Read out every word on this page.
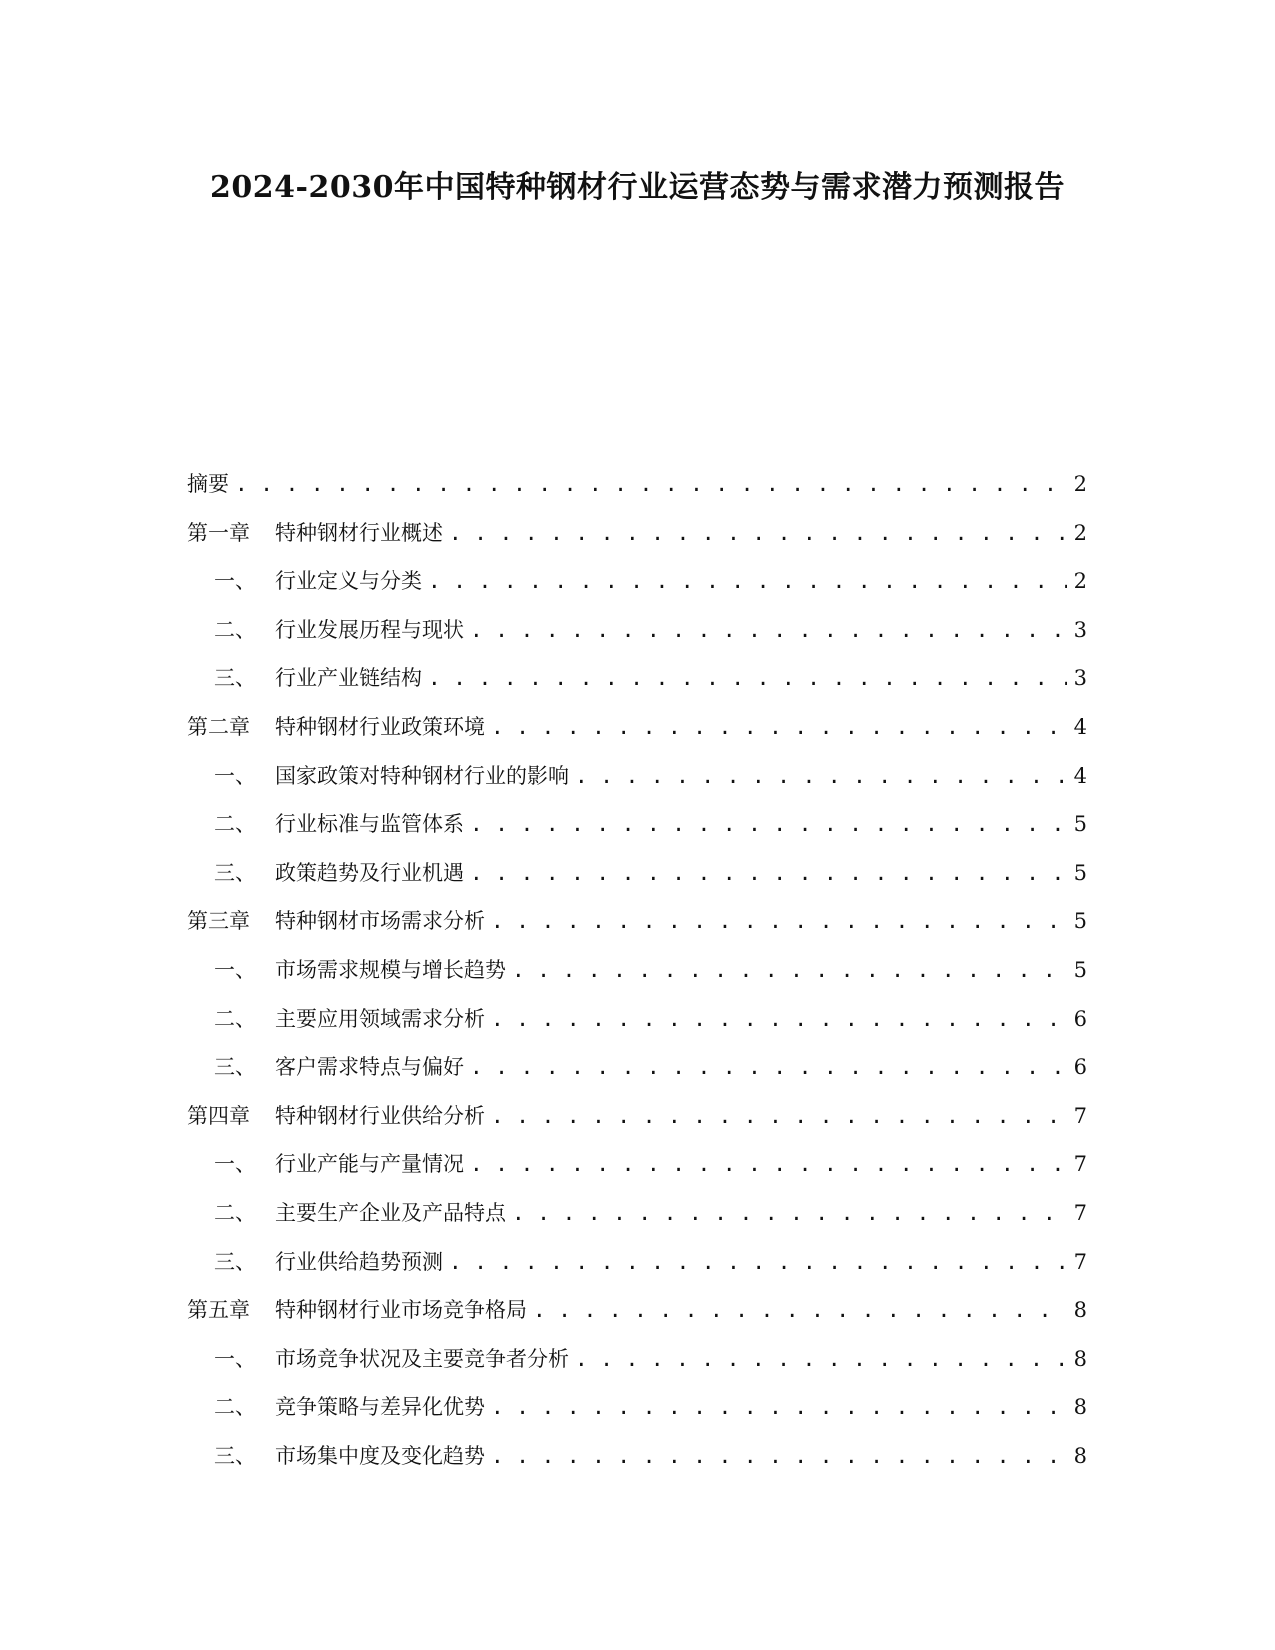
2024-2030年中国特种钢材行业运营态势与需求潜力预测报告
摘要 . . .	2
第一章	特种钢材行业概述 . . .	2
一、 行业定义与分类 . . .	2
二、 行业发展历程与现状 . . .	3
三、 行业产业链结构 . . .	3
第二章	特种钢材行业政策环境 . . .	4
一、 国家政策对特种钢材行业的影响 . . .	4
二、 行业标准与监管体系 . . .	5
三、 政策趋势及行业机遇 . . .	5
第三章	特种钢材市场需求分析 . . .	5
一、 市场需求规模与增长趋势 . . .	5
二、 主要应用领域需求分析 . . .	6
三、 客户需求特点与偏好 . . .	6
第四章	特种钢材行业供给分析 . . .	7
一、 行业产能与产量情况 . . .	7
二、 主要生产企业及产品特点 . . .	7
三、 行业供给趋势预测 . . .	7
第五章	特种钢材行业市场竞争格局 . . .	8
一、 市场竞争状况及主要竞争者分析 . . .	8
二、 竞争策略与差异化优势 . . .	8
三、 市场集中度及变化趋势 . . .	8
